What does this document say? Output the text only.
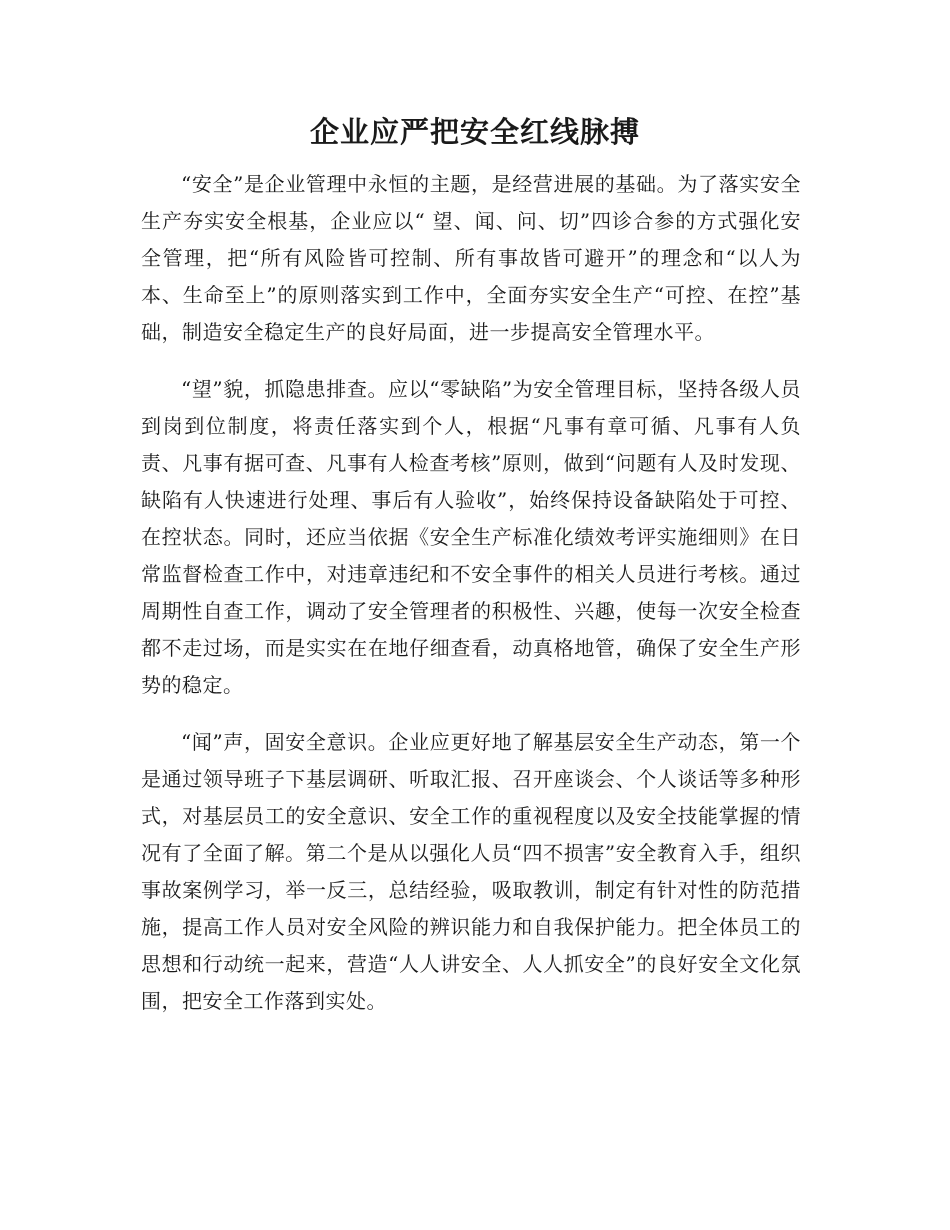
企业应严把安全红线脉搏

“安全”是企业管理中永恒的主题，是经营进展的基础。为了落实安全生产夯实安全根基，企业应以“ 望、闻、问、切”四诊合参的方式强化安全管理，把“所有风险皆可控制、所有事故皆可避开”的理念和“以人为本、生命至上”的原则落实到工作中，全面夯实安全生产“可控、在控”基础，制造安全稳定生产的良好局面，进一步提高安全管理水平。

“望”貌，抓隐患排查。应以“零缺陷”为安全管理目标，坚持各级人员到岗到位制度，将责任落实到个人，根据“凡事有章可循、凡事有人负责、凡事有据可查、凡事有人检查考核”原则，做到“问题有人及时发现、缺陷有人快速进行处理、事后有人验收”，始终保持设备缺陷处于可控、在控状态。同时，还应当依据《安全生产标准化绩效考评实施细则》在日常监督检查工作中，对违章违纪和不安全事件的相关人员进行考核。通过周期性自查工作，调动了安全管理者的积极性、兴趣，使每一次安全检查都不走过场，而是实实在在地仔细查看，动真格地管，确保了安全生产形势的稳定。

“闻”声，固安全意识。企业应更好地了解基层安全生产动态，第一个是通过领导班子下基层调研、听取汇报、召开座谈会、个人谈话等多种形式，对基层员工的安全意识、安全工作的重视程度以及安全技能掌握的情况有了全面了解。第二个是从以强化人员“四不损害”安全教育入手，组织事故案例学习，举一反三，总结经验，吸取教训，制定有针对性的防范措施，提高工作人员对安全风险的辨识能力和自我保护能力。把全体员工的思想和行动统一起来，营造“人人讲安全、人人抓安全”的良好安全文化氛围，把安全工作落到实处。
